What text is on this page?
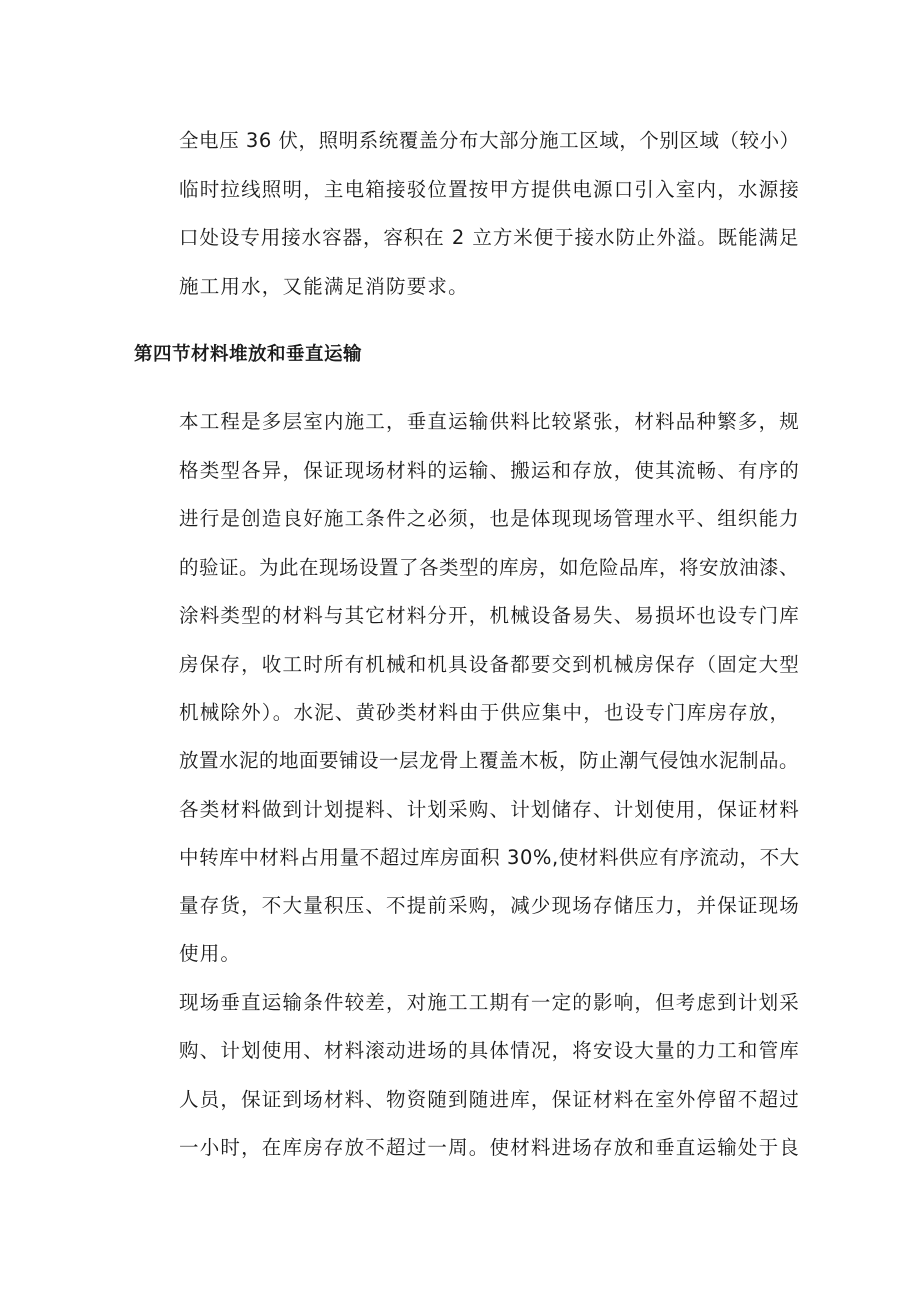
全电压 36 伏，照明系统覆盖分布大部分施工区域，个别区域（较小）
临时拉线照明，主电箱接驳位置按甲方提供电源口引入室内，水源接
口处设专用接水容器，容积在 2 立方米便于接水防止外溢。既能满足
施工用水，又能满足消防要求。
第四节材料堆放和垂直运输
本工程是多层室内施工，垂直运输供料比较紧张，材料品种繁多，规
格类型各异，保证现场材料的运输、搬运和存放，使其流畅、有序的
进行是创造良好施工条件之必须，也是体现现场管理水平、组织能力
的验证。为此在现场设置了各类型的库房，如危险品库，将安放油漆、
涂料类型的材料与其它材料分开，机械设备易失、易损坏也设专门库
房保存，收工时所有机械和机具设备都要交到机械房保存（固定大型
机械除外）。水泥、黄砂类材料由于供应集中，也设专门库房存放，
放置水泥的地面要铺设一层龙骨上覆盖木板，防止潮气侵蚀水泥制品。
各类材料做到计划提料、计划采购、计划储存、计划使用，保证材料
中转库中材料占用量不超过库房面积 30%,使材料供应有序流动，不大
量存货，不大量积压、不提前采购，减少现场存储压力，并保证现场
使用。
现场垂直运输条件较差，对施工工期有一定的影响，但考虑到计划采
购、计划使用、材料滚动进场的具体情况，将安设大量的力工和管库
人员，保证到场材料、物资随到随进库，保证材料在室外停留不超过
一小时，在库房存放不超过一周。使材料进场存放和垂直运输处于良
